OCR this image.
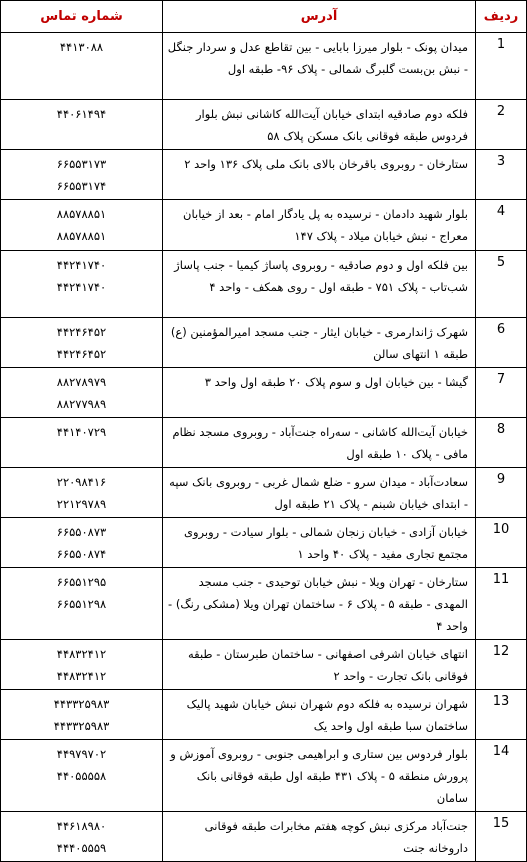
ردیف	آدرس	شماره تماس
1	میدان پونک - بلوار میرزا بابایی - بین تقاطع عدل و سردار جنگل - نبش بن‌بست گلبرگ شمالی - پلاک ۹۶- طبقه اول	۴۴۱۳۰۸۸

2	فلکه دوم صادقیه ابتدای خیابان آیت‌الله کاشانی نبش بلوار فردوس طبقه فوقانی بانک مسکن پلاک ۵۸	۴۴۰۶۱۴۹۴

3	ستارخان - روبروی باقرخان بالای بانک ملی پلاک ۱۳۶ واحد ۲	۶۶۵۵۳۱۷۳
۶۶۵۵۳۱۷۴

4	بلوار شهید دادمان - نرسیده به پل یادگار امام - بعد از خیابان معراج - نبش خیابان میلاد - پلاک ۱۴۷	۸۸۵۷۸۸۵۱
۸۸۵۷۸۸۵۱

5	بین فلکه اول و دوم صادقیه - روبروی پاساژ کیمیا - جنب پاساژ شب‌تاب - پلاک ۷۵۱ - طبقه اول - روی همکف - واحد ۴	۴۴۲۴۱۷۴۰
۴۴۲۴۱۷۴۰

6	شهرک ژاندارمری - خیابان ایثار - جنب مسجد امیرالمؤمنین (ع) طبقه ۱ انتهای سالن	۴۴۲۴۶۴۵۲
۴۴۲۴۶۴۵۲

7	گیشا - بین خیابان اول و سوم پلاک ۲۰ طبقه اول واحد ۳	۸۸۲۷۸۹۷۹
۸۸۲۷۷۹۸۹

8	خیابان آیت‌الله کاشانی - سه‌راه جنت‌آباد - روبروی مسجد نظام مافی - پلاک ۱۰ طبقه اول	۴۴۱۴۰۷۲۹

9	سعادت‌آباد - میدان سرو - ضلع شمال غربی - روبروی بانک سپه - ابتدای خیابان شبنم - پلاک ۲۱ طبقه اول	۲۲۰۹۸۴۱۶
۲۲۱۲۹۷۸۹

10	خیابان آزادی - خیابان زنجان شمالی - بلوار سیادت - روبروی مجتمع تجاری مفید - پلاک ۴۰ واحد ۱	۶۶۵۵۰۸۷۳
۶۶۵۵۰۸۷۴

11	ستارخان - تهران ویلا - نبش خیابان توحیدی - جنب مسجد المهدی - طبقه ۵ - پلاک ۶ - ساختمان تهران ویلا (مشکی رنگ) - واحد ۴	۶۶۵۵۱۲۹۵
۶۶۵۵۱۲۹۸

12	انتهای خیابان اشرفی اصفهانی - ساختمان طبرستان - طبقه فوقانی بانک تجارت - واحد ۲	۴۴۸۳۲۴۱۲
۴۴۸۳۲۴۱۲

13	شهران نرسیده به فلکه دوم شهران نبش خیابان شهید پالیک ساختمان سبا طبقه اول واحد یک	۴۴۳۳۲۵۹۸۳
۴۴۳۳۲۵۹۸۳

14	بلوار فردوس بین ستاری و ابراهیمی جنوبی - روبروی آموزش و پرورش منطقه ۵ - پلاک ۴۳۱ طبقه اول طبقه فوقانی بانک سامان	۴۴۹۷۹۷۰۲
۴۴۰۵۵۵۵۸

15	جنت‌آباد مرکزی نبش کوچه هفتم مخابرات طبقه فوقانی داروخانه جنت	۴۴۶۱۸۹۸۰
۴۴۴۰۵۵۵۹
